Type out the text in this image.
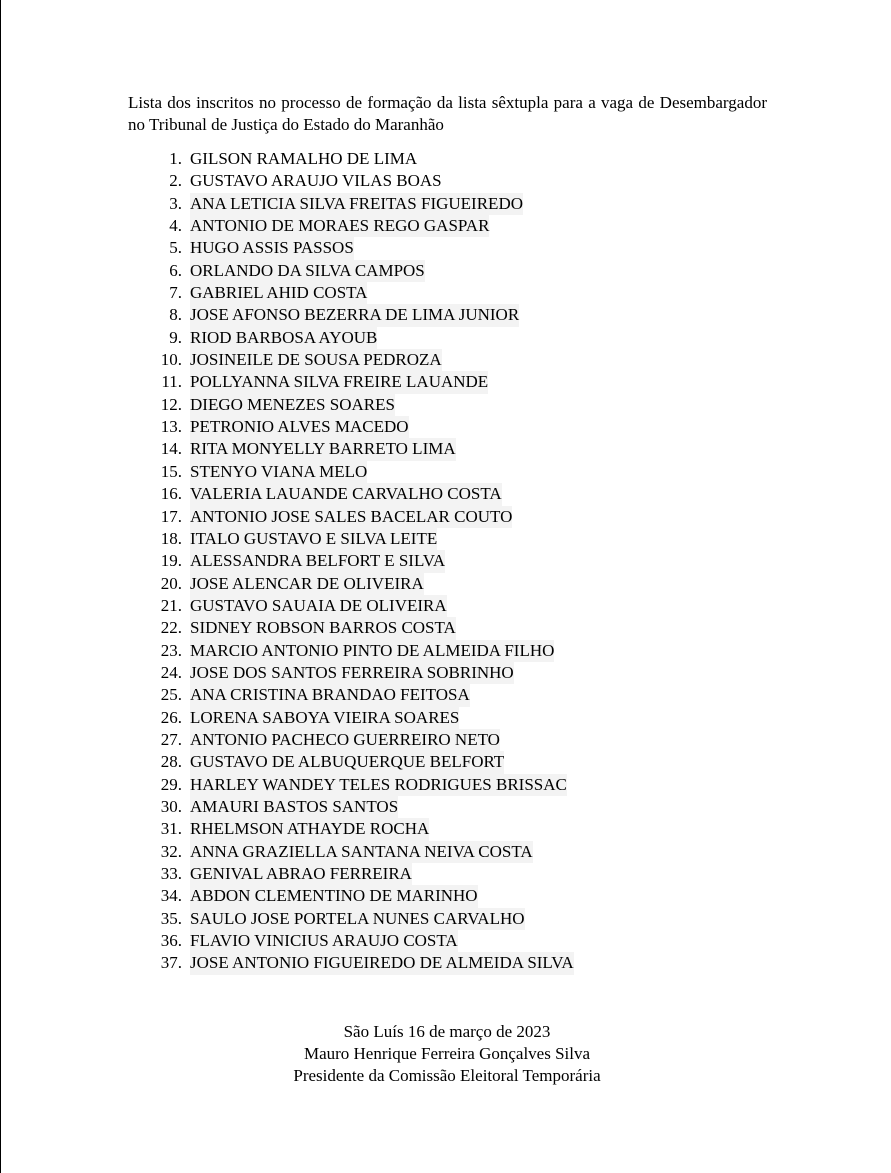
Lista dos inscritos no processo de formação da lista sêxtupla para a vaga de Desembargador no Tribunal de Justiça do Estado do Maranhão

1. GILSON RAMALHO DE LIMA
2. GUSTAVO ARAUJO VILAS BOAS
3. ANA LETICIA SILVA FREITAS FIGUEIREDO
4. ANTONIO DE MORAES REGO GASPAR
5. HUGO ASSIS PASSOS
6. ORLANDO DA SILVA CAMPOS
7. GABRIEL AHID COSTA
8. JOSE AFONSO BEZERRA DE LIMA JUNIOR
9. RIOD BARBOSA AYOUB
10. JOSINEILE DE SOUSA PEDROZA
11. POLLYANNA SILVA FREIRE LAUANDE
12. DIEGO MENEZES SOARES
13. PETRONIO ALVES MACEDO
14. RITA MONYELLY BARRETO LIMA
15. STENYO VIANA MELO
16. VALERIA LAUANDE CARVALHO COSTA
17. ANTONIO JOSE SALES BACELAR COUTO
18. ITALO GUSTAVO E SILVA LEITE
19. ALESSANDRA BELFORT E SILVA
20. JOSE ALENCAR DE OLIVEIRA
21. GUSTAVO SAUAIA DE OLIVEIRA
22. SIDNEY ROBSON BARROS COSTA
23. MARCIO ANTONIO PINTO DE ALMEIDA FILHO
24. JOSE DOS SANTOS FERREIRA SOBRINHO
25. ANA CRISTINA BRANDAO FEITOSA
26. LORENA SABOYA VIEIRA SOARES
27. ANTONIO PACHECO GUERREIRO NETO
28. GUSTAVO DE ALBUQUERQUE BELFORT
29. HARLEY WANDEY TELES RODRIGUES BRISSAC
30. AMAURI BASTOS SANTOS
31. RHELMSON ATHAYDE ROCHA
32. ANNA GRAZIELLA SANTANA NEIVA COSTA
33. GENIVAL ABRAO FERREIRA
34. ABDON CLEMENTINO DE MARINHO
35. SAULO JOSE PORTELA NUNES CARVALHO
36. FLAVIO VINICIUS ARAUJO COSTA
37. JOSE ANTONIO FIGUEIREDO DE ALMEIDA SILVA
São Luís 16 de março de 2023
Mauro Henrique Ferreira Gonçalves Silva
Presidente da Comissão Eleitoral Temporária
